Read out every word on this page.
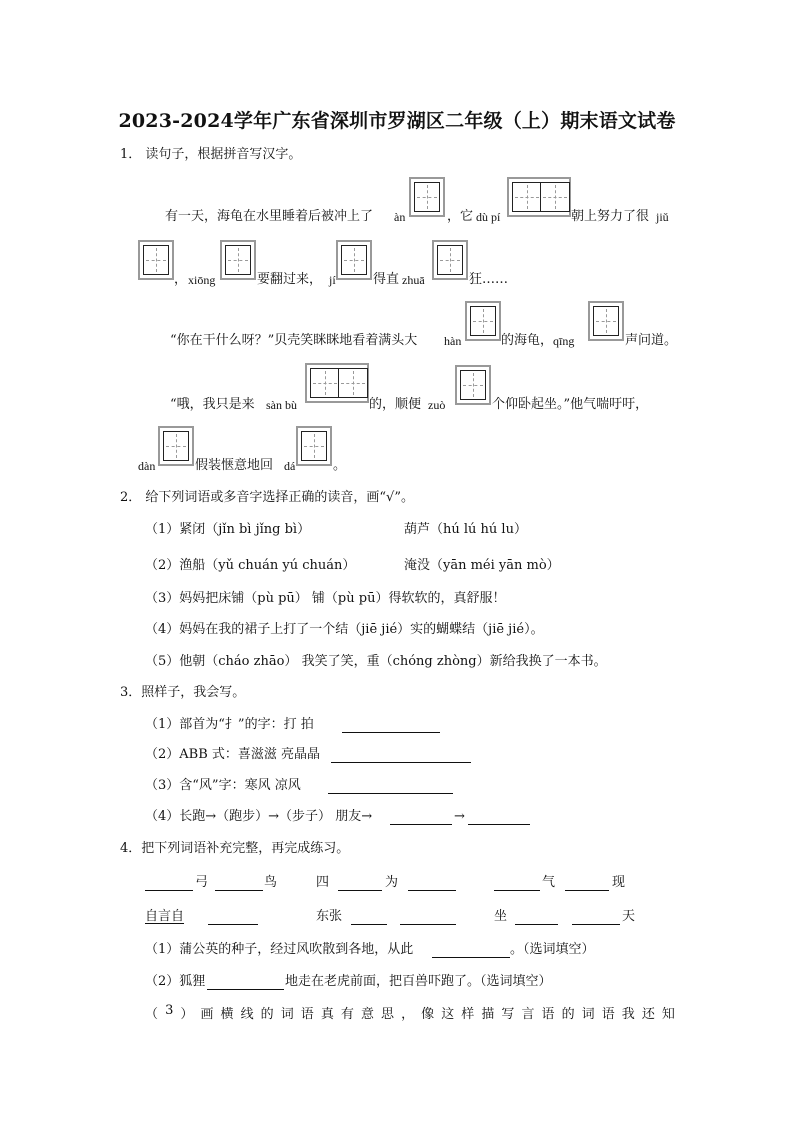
2023-2024学年广东省深圳市罗湖区二年级（上）期末语文试卷
1． 读句子，根据拼音写汉字。
有一天，海龟在水里睡着后被冲上了 àn	，它 dù pí	朝上努力了很 jiǔ
， xiōng	要翻过来， jí	得直 zhuā	狂……
“你在干什么呀？”贝壳笑眯眯地看着满头大 hàn	的海龟， qīng	声问道。
“哦，我只是来 sàn bù	的，顺便 zuò	个仰卧起坐。”他气喘吁吁，
dàn	假装惬意地回 dá	。
2． 给下列词语或多音字选择正确的读音，画“√”。
（1）紧闭（jǐn bì jǐng bì）	葫芦（hú lú hú lu）
（2）渔船（yǔ chuán yú chuán）	淹没（yān méi yān mò）
（3）妈妈把床铺（pù pū） 铺（pù pū）得软软的，真舒服！
（4）妈妈在我的裙子上打了一个结（jiē jié）实的蝴蝶结（jiē jié）。
（5）他朝（cháo zhāo） 我笑了笑，重（chóng zhòng）新给我换了一本书。
3．照样子，我会写。
（1）部首为“扌”的字：打 拍
（2）ABB 式：喜滋滋 亮晶晶
（3）含“风”字：寒风 凉风
（4）长跑→（跑步）→（步子） 朋友→	→
4．把下列词语补充完整，再完成练习。
弓	鸟	四	为	气	现
自言自	东张	坐	天
（1）蒲公英的种子，经过风吹散到各地，从此	。（选词填空）
（2）狐狸	地走在老虎前面，把百兽吓跑了。（选词填空）
（ 3 ） 画 横 线 的 词 语 真 有 意 思 ， 像 这 样 描 写 言 语 的 词 语 我 还 知
